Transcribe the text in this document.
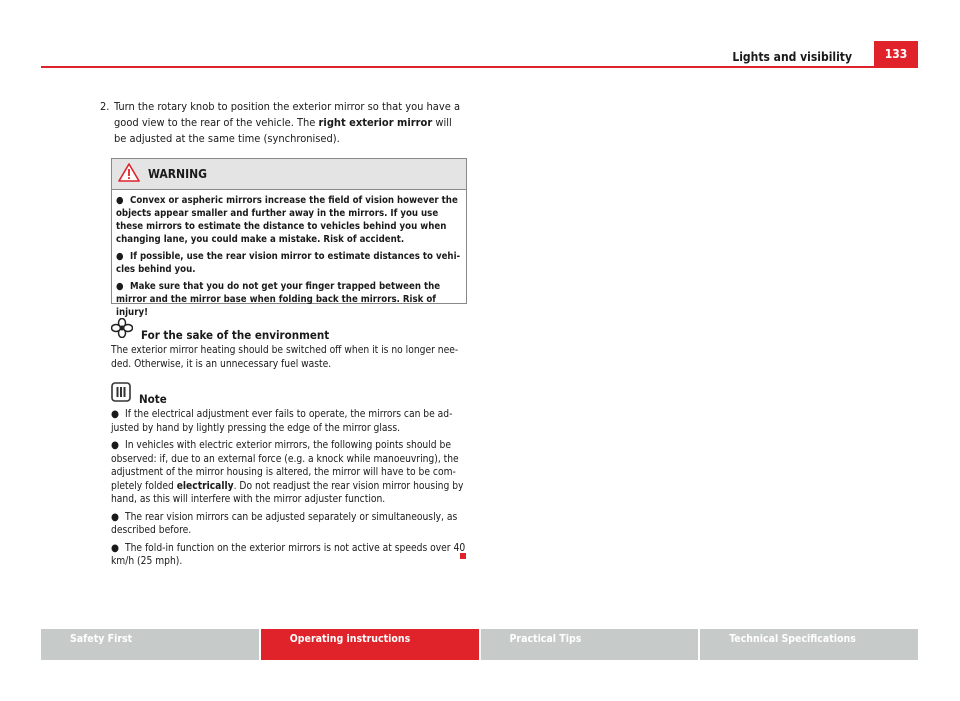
Lights and visibility	133
2. Turn the rotary knob to position the exterior mirror so that you have a good view to the rear of the vehicle. The right exterior mirror will be adjusted at the same time (synchronised).
WARNING

● Convex or aspheric mirrors increase the field of vision however the objects appear smaller and further away in the mirrors. If you use these mirrors to estimate the distance to vehicles behind you when changing lane, you could make a mistake. Risk of accident.

● If possible, use the rear vision mirror to estimate distances to vehi-cles behind you.

● Make sure that you do not get your finger trapped between the mirror and the mirror base when folding back the mirrors. Risk of injury!

For the sake of the environment

The exterior mirror heating should be switched off when it is no longer nee-ded. Otherwise, it is an unnecessary fuel waste.

Note

● If the electrical adjustment ever fails to operate, the mirrors can be ad-justed by hand by lightly pressing the edge of the mirror glass.

● In vehicles with electric exterior mirrors, the following points should be observed: if, due to an external force (e.g. a knock while manoeuvring), the adjustment of the mirror housing is altered, the mirror will have to be com-pletely folded electrically. Do not readjust the rear vision mirror housing by hand, as this will interfere with the mirror adjuster function.

● The rear vision mirrors can be adjusted separately or simultaneously, as described before.

● The fold-in function on the exterior mirrors is not active at speeds over 40 km/h (25 mph).

Safety First	Operating instructions	Practical Tips	Technical Specifications
